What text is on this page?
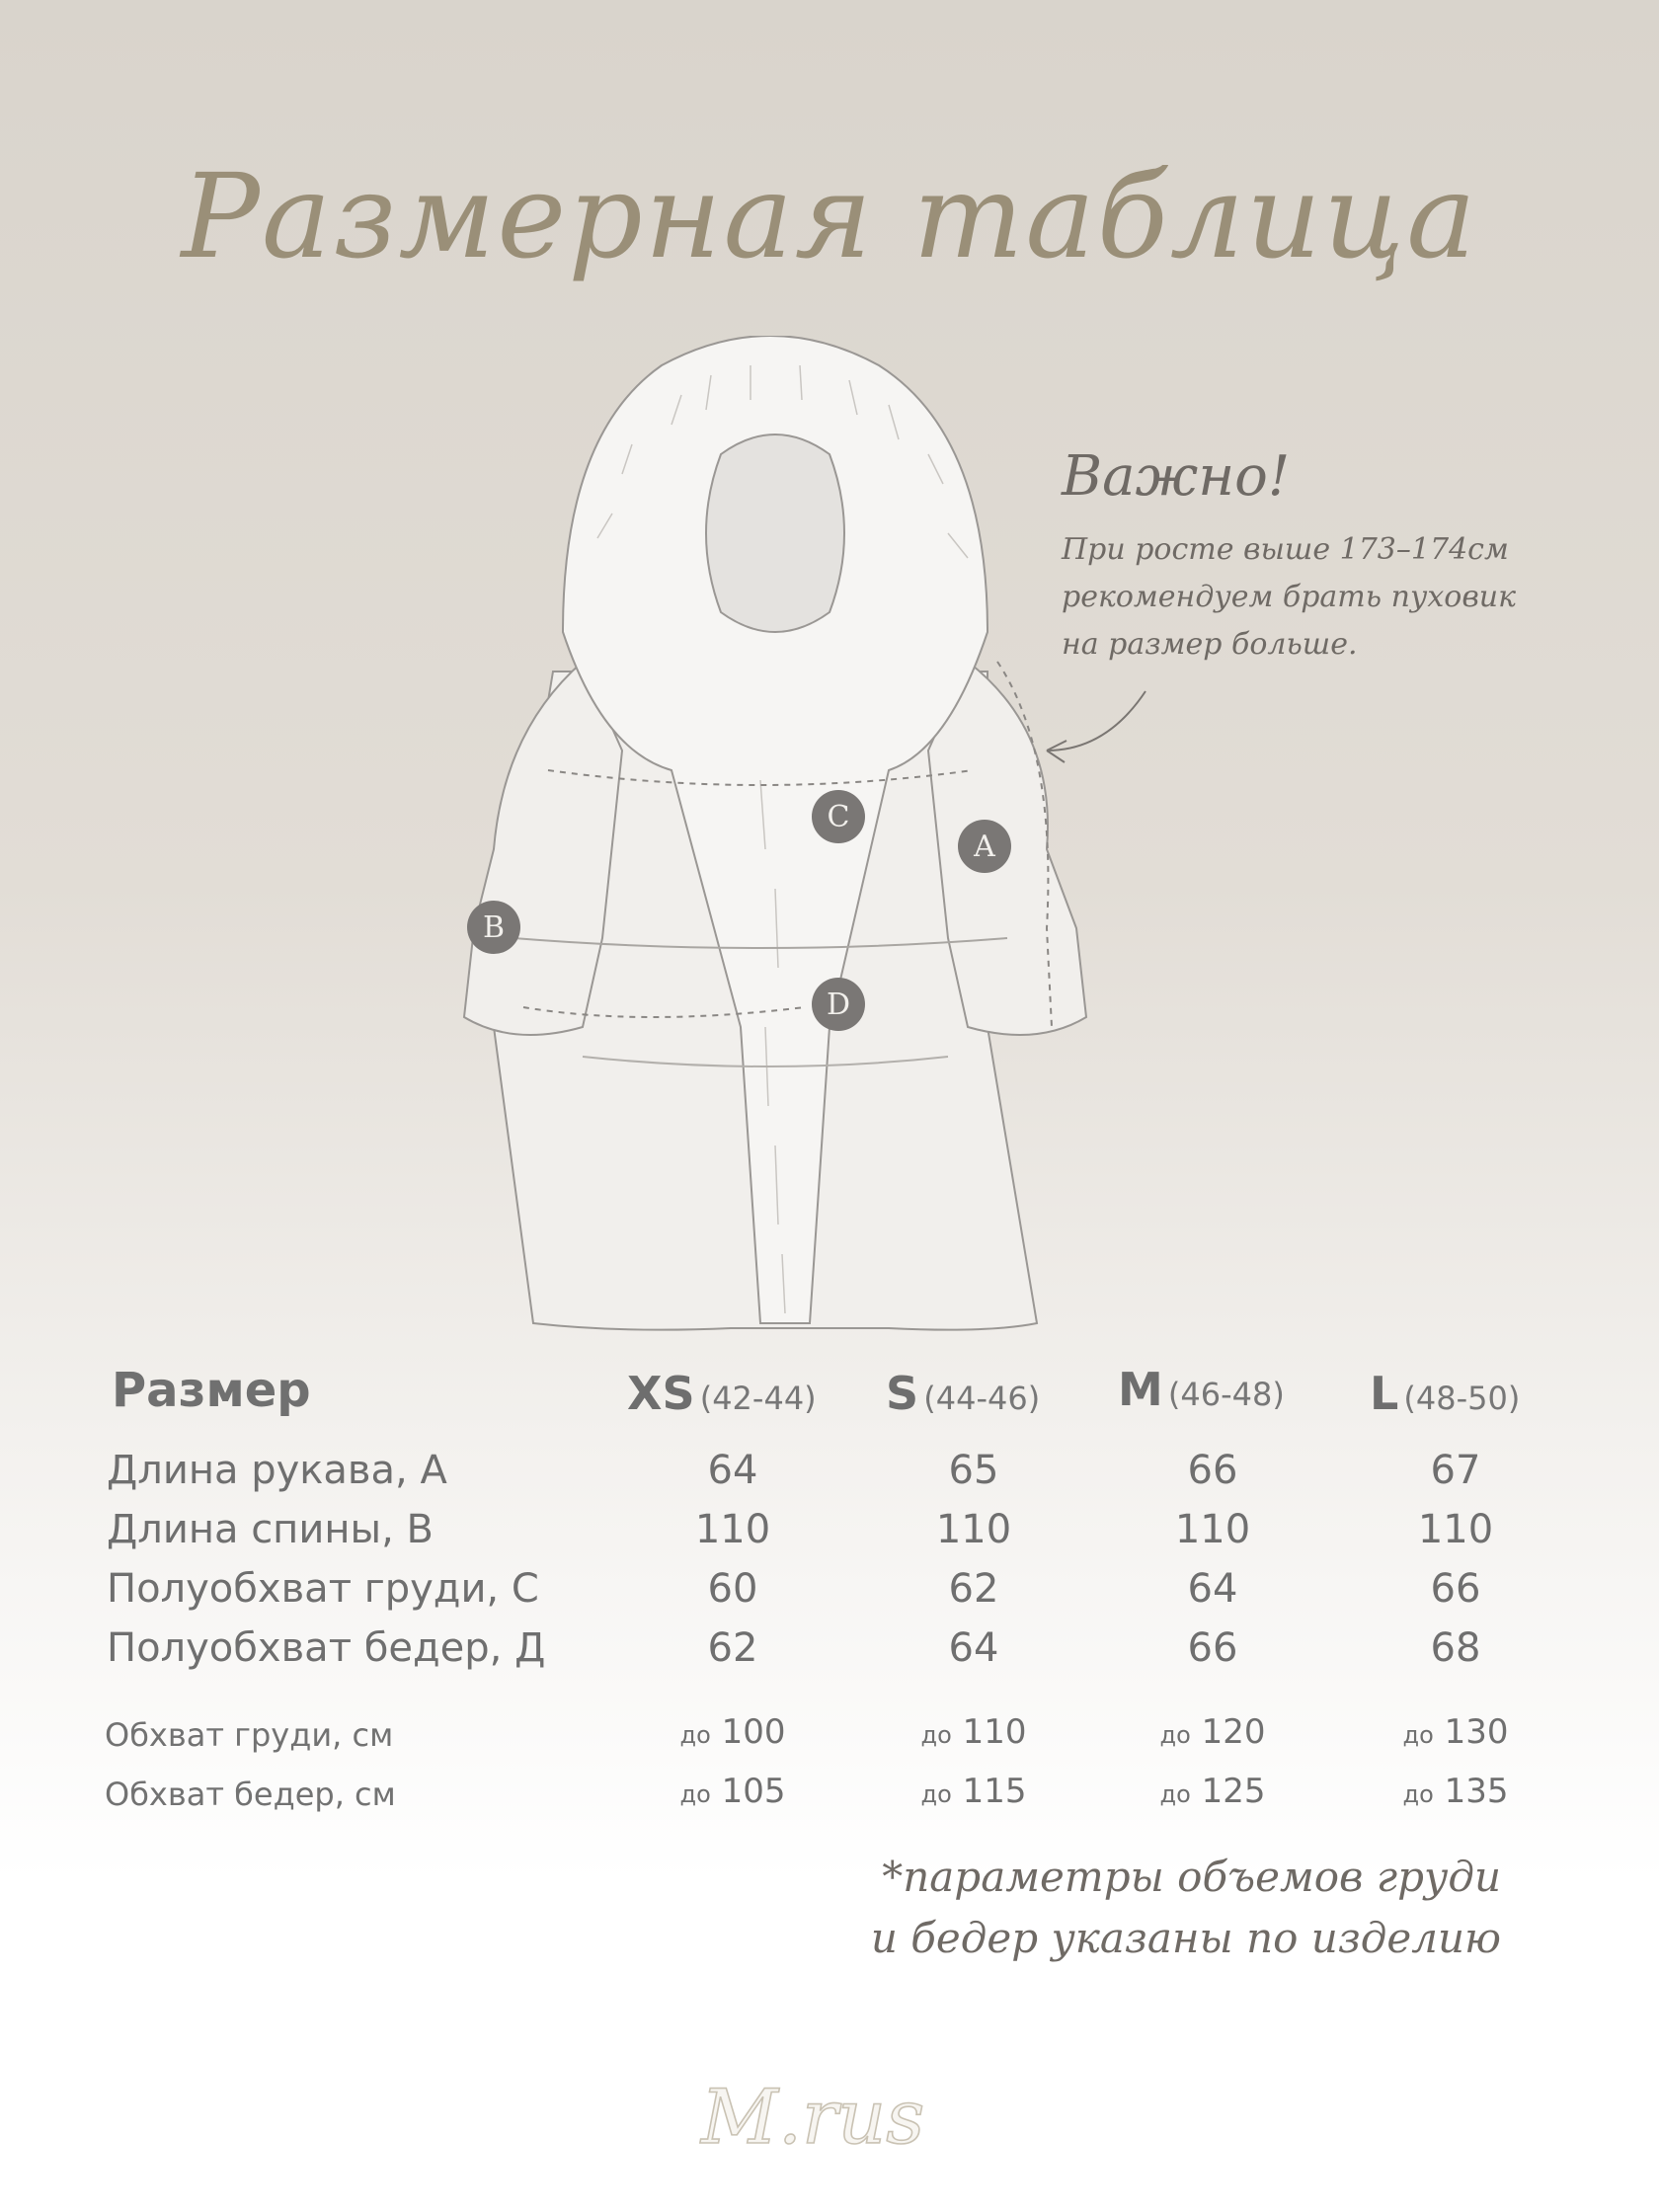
Размерная таблица
C
A
B
D
Важно!
При росте выше 173–174см
рекомендуем брать пуховик
на размер больше.
Размер	XS (42-44) S (44-46) M (46-48) L (48-50)
Длина рукава, А	64	65	66	67
Длина спины, В	110	110	110	110
Полуобхват груди, С	60	62	64	66
Полуобхват бедер, Д	62	64	66	68
Обхват груди, см	до 100	до 110	до 120	до 130
Обхват бедер, см	до 105	до 115	до 125	до 135
*параметры объемов груди
и бедер указаны по изделию
M.rus
